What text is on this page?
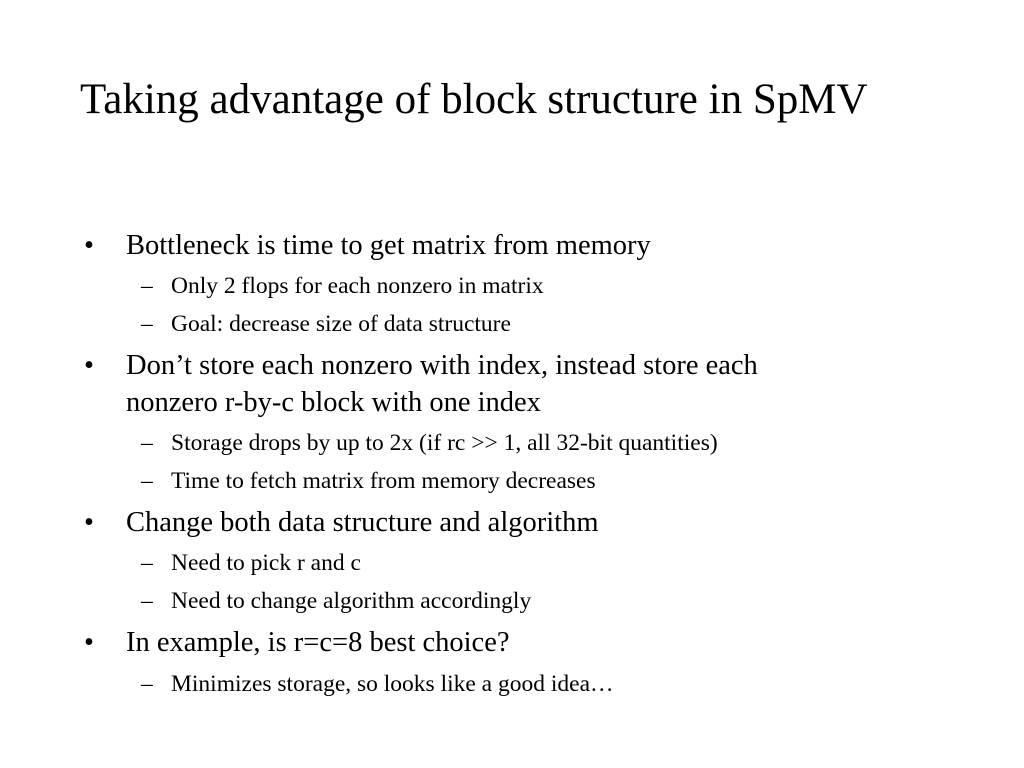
Taking advantage of block structure in SpMV
• Bottleneck is time to get matrix from memory
– Only 2 flops for each nonzero in matrix
– Goal: decrease size of data structure
• Don’t store each nonzero with index, instead store each
nonzero r-by-c block with one index
– Storage drops by up to 2x (if rc >> 1, all 32-bit quantities)
– Time to fetch matrix from memory decreases
• Change both data structure and algorithm
– Need to pick r and c
– Need to change algorithm accordingly
• In example, is r=c=8 best choice?
– Minimizes storage, so looks like a good idea…
